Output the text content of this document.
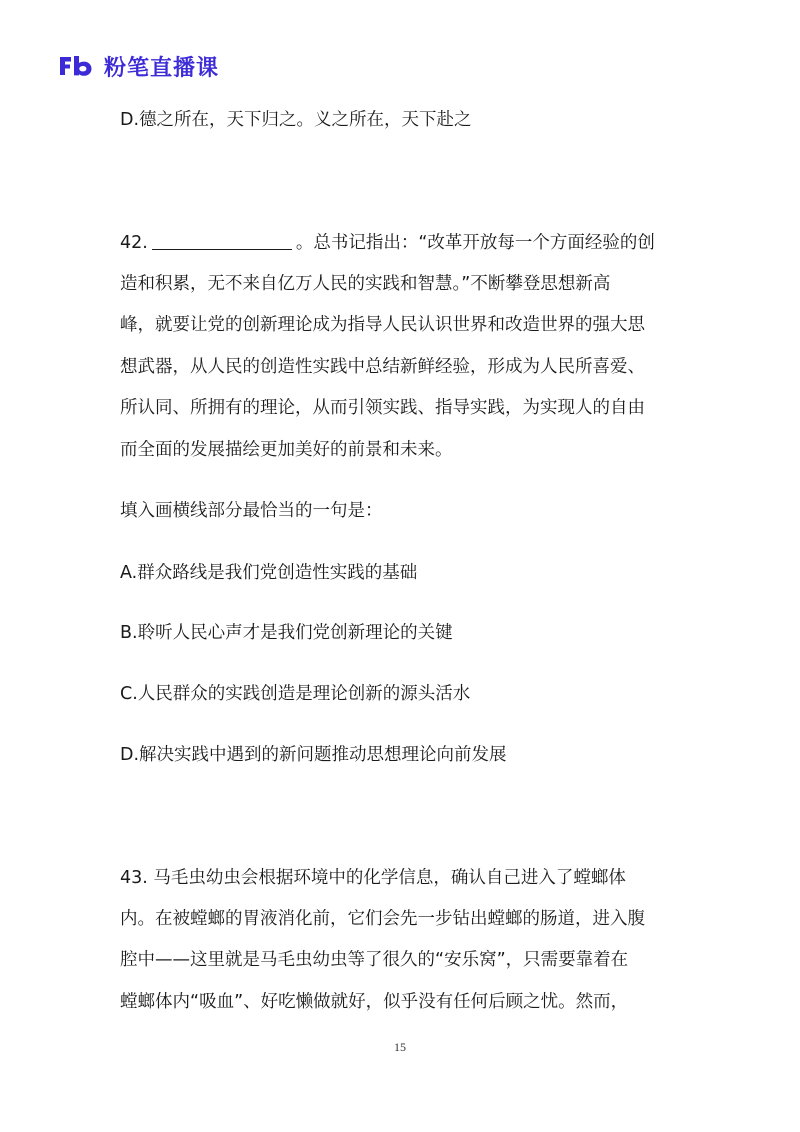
粉笔直播课
D.德之所在，天下归之。义之所在，天下赴之
42.	。总书记指出：“改革开放每一个方面经验的创
造和积累，无不来自亿万人民的实践和智慧。”不断攀登思想新高
峰，就要让党的创新理论成为指导人民认识世界和改造世界的强大思
想武器，从人民的创造性实践中总结新鲜经验，形成为人民所喜爱、
所认同、所拥有的理论，从而引领实践、指导实践，为实现人的自由
而全面的发展描绘更加美好的前景和未来。
填入画横线部分最恰当的一句是：
A.群众路线是我们党创造性实践的基础
B.聆听人民心声才是我们党创新理论的关键
C.人民群众的实践创造是理论创新的源头活水
D.解决实践中遇到的新问题推动思想理论向前发展
43. 马毛虫幼虫会根据环境中的化学信息，确认自己进入了螳螂体
内。在被螳螂的胃液消化前，它们会先一步钻出螳螂的肠道，进入腹
腔中——这里就是马毛虫幼虫等了很久的“安乐窝”，只需要靠着在
螳螂体内“吸血”、好吃懒做就好，似乎没有任何后顾之忧。然而，
15
